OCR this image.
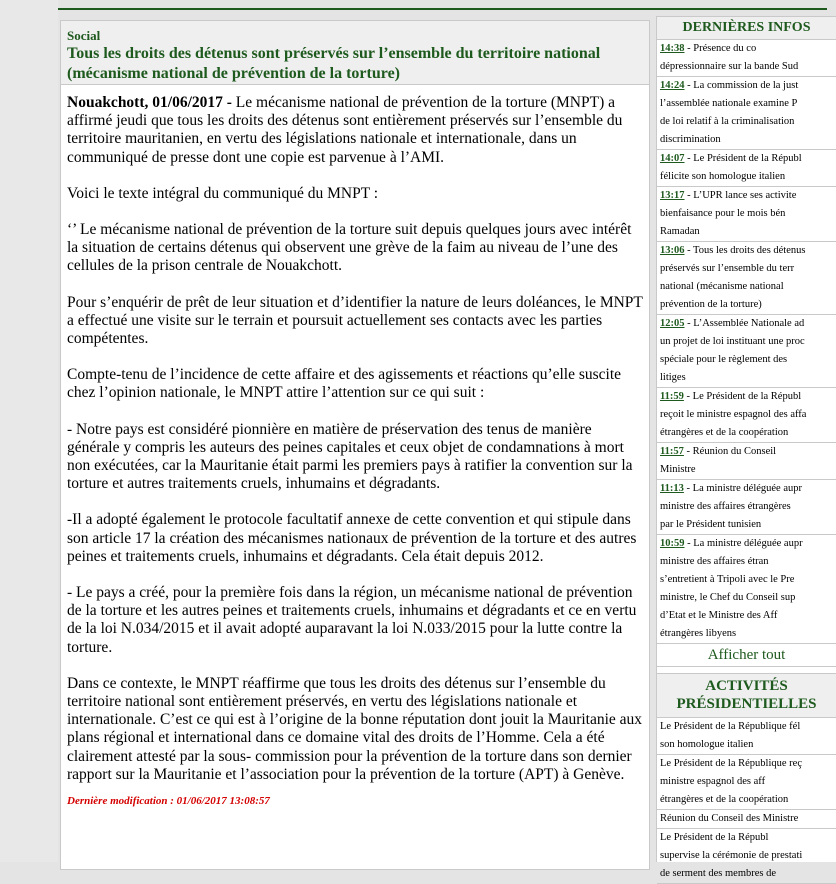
Social
Tous les droits des détenus sont préservés sur l’ensemble du territoire national (mécanisme national de prévention de la torture)

Nouakchott, 01/06/2017 - Le mécanisme national de prévention de la torture (MNPT) a affirmé jeudi que tous les droits des détenus sont entièrement préservés sur l’ensemble du territoire mauritanien, en vertu des législations nationale et internationale, dans un communiqué de presse dont une copie est parvenue à l’AMI.

Voici le texte intégral du communiqué du MNPT :

‘’ Le mécanisme national de prévention de la torture suit depuis quelques jours avec intérêt la situation de certains détenus qui observent une grève de la faim au niveau de l’une des cellules de la prison centrale de Nouakchott.

Pour s’enquérir de prêt de leur situation et d’identifier la nature de leurs doléances, le MNPT a effectué une visite sur le terrain et poursuit actuellement ses contacts avec les parties compétentes.

Compte-tenu de l’incidence de cette affaire et des agissements et réactions qu’elle suscite chez l’opinion nationale, le MNPT attire l’attention sur ce qui suit :

- Notre pays est considéré pionnière en matière de préservation des tenus de manière générale y compris les auteurs des peines capitales et ceux objet de condamnations à mort non exécutées, car la Mauritanie était parmi les premiers pays à ratifier la convention sur la torture et autres traitements cruels, inhumains et dégradants.

-Il a adopté également le protocole facultatif annexe de cette convention et qui stipule dans son article 17 la création des mécanismes nationaux de prévention de la torture et des autres peines et traitements cruels, inhumains et dégradants. Cela était depuis 2012.

- Le pays a créé, pour la première fois dans la région, un mécanisme national de prévention de la torture et les autres peines et traitements cruels, inhumains et dégradants et ce en vertu de la loi N.034/2015 et il avait adopté auparavant la loi N.033/2015 pour la lutte contre la torture.

Dans ce contexte, le MNPT réaffirme que tous les droits des détenus sur l’ensemble du territoire national sont entièrement préservés, en vertu des législations nationale et internationale. C’est ce qui est à l’origine de la bonne réputation dont jouit la Mauritanie aux plans régional et international dans ce domaine vital des droits de l’Homme. Cela a été clairement attesté par la sous- commission pour la prévention de la torture dans son dernier rapport sur la Mauritanie et l’association pour la prévention de la torture (APT) à Genève.

Dernière modification : 01/06/2017 13:08:57
DERNIÈRES INFOS
14:38 - Présence du co
dépressionnaire sur la bande Sud
14:24 - La commission de la just
l’assemblée nationale examine P
de loi relatif à la criminalisation
discrimination
14:07 - Le Président de la Républ
félicite son homologue italien
13:17 - L’UPR lance ses activite
bienfaisance pour le mois bén
Ramadan
13:06 - Tous les droits des détenus
préservés sur l’ensemble du terr
national (mécanisme national
prévention de la torture)
12:05 - L’Assemblée Nationale ad
un projet de loi instituant une proc
spéciale pour le règlement des
litiges
11:59 - Le Président de la Républ
reçoit le ministre espagnol des affa
étrangères et de la coopération
11:57 - Réunion du Conseil
Ministre
11:13 - La ministre déléguée aupr
ministre des affaires étrangères
par le Président tunisien
10:59 - La ministre déléguée aupr
ministre des affaires étran
s’entretient à Tripoli avec le Pre
ministre, le Chef du Conseil sup
d’Etat et le Ministre des Aff
étrangères libyens
Afficher tout
ACTIVITÉS PRÉSIDENTIELLES
Le Président de la République fél
son homologue italien
Le Président de la République reç
ministre espagnol des aff
étrangères et de la coopération
Réunion du Conseil des Ministre
Le Président de la Républ
supervise la cérémonie de prestati
de serment des membres de
